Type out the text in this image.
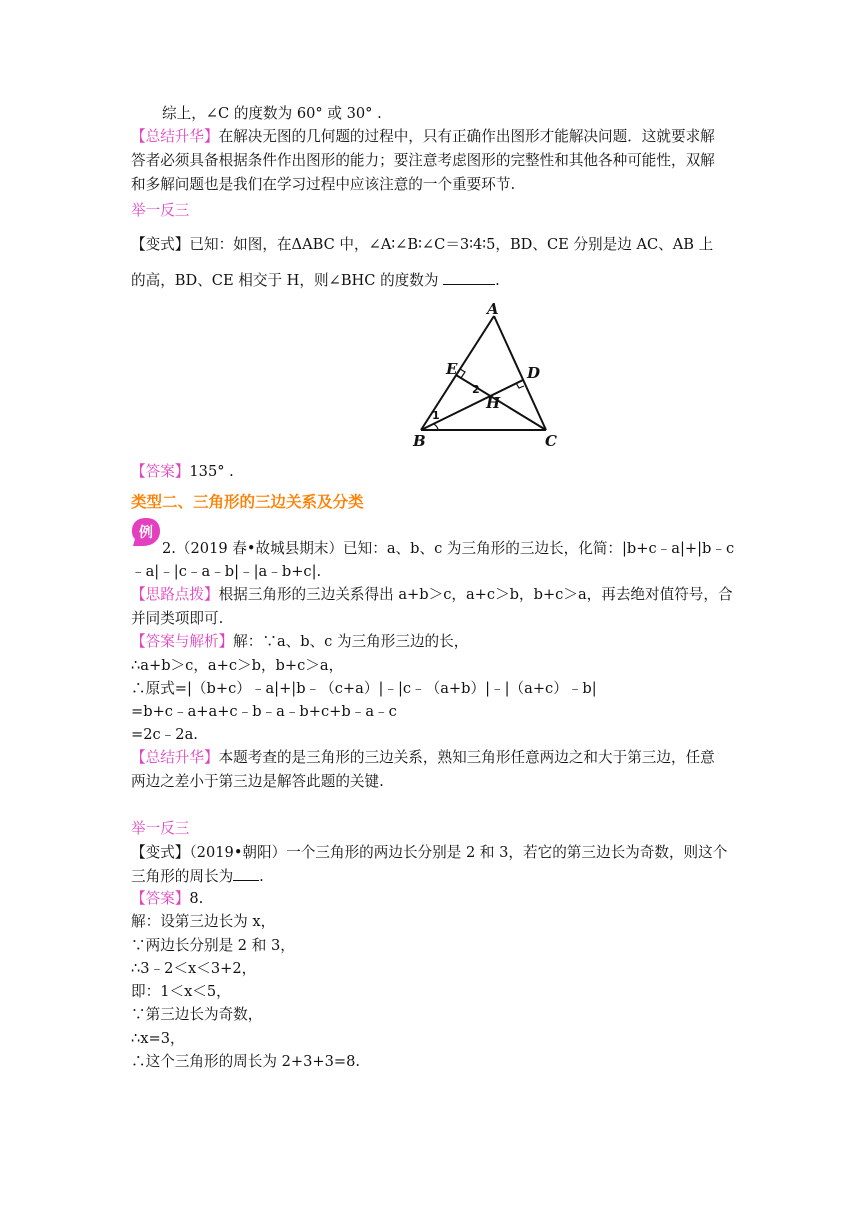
综上，∠C 的度数为 60° 或 30° .
【总结升华】在解决无图的几何题的过程中，只有正确作出图形才能解决问题．这就要求解
答者必须具备根据条件作出图形的能力；要注意考虑图形的完整性和其他各种可能性，双解
和多解问题也是我们在学习过程中应该注意的一个重要环节.
举一反三
【变式】已知：如图，在ΔABC 中，∠A∶∠B∶∠C＝3∶4∶5，BD、CE 分别是边 AC、AB 上
的高，BD、CE 相交于 H，则∠BHC 的度数为	.
A
B	C
D
E
H
1
2
【答案】135° .
类型二、三角形的三边关系及分类
例
2.（2019 春•故城县期末）已知：a、b、c 为三角形的三边长，化简：|b+c﹣a|+|b﹣c
﹣a|﹣|c﹣a﹣b|﹣|a﹣b+c|.
【思路点拨】根据三角形的三边关系得出 a+b＞c，a+c＞b，b+c＞a，再去绝对值符号，合
并同类项即可.
【答案与解析】解：∵a、b、c 为三角形三边的长，
∴a+b＞c，a+c＞b，b+c＞a，
∴原式=|（b+c）﹣a|+|b﹣（c+a）|﹣|c﹣（a+b）|﹣|（a+c）﹣b|
=b+c﹣a+a+c﹣b﹣a﹣b+c+b﹣a﹣c
=2c﹣2a.
【总结升华】本题考查的是三角形的三边关系，熟知三角形任意两边之和大于第三边，任意
两边之差小于第三边是解答此题的关键.
举一反三
【变式】（2019•朝阳）一个三角形的两边长分别是 2 和 3，若它的第三边长为奇数，则这个
三角形的周长为 .
【答案】8.
解：设第三边长为 x，
∵两边长分别是 2 和 3，
∴3﹣2＜x＜3+2，
即：1＜x＜5，
∵第三边长为奇数，
∴x=3，
∴这个三角形的周长为 2+3+3=8.
